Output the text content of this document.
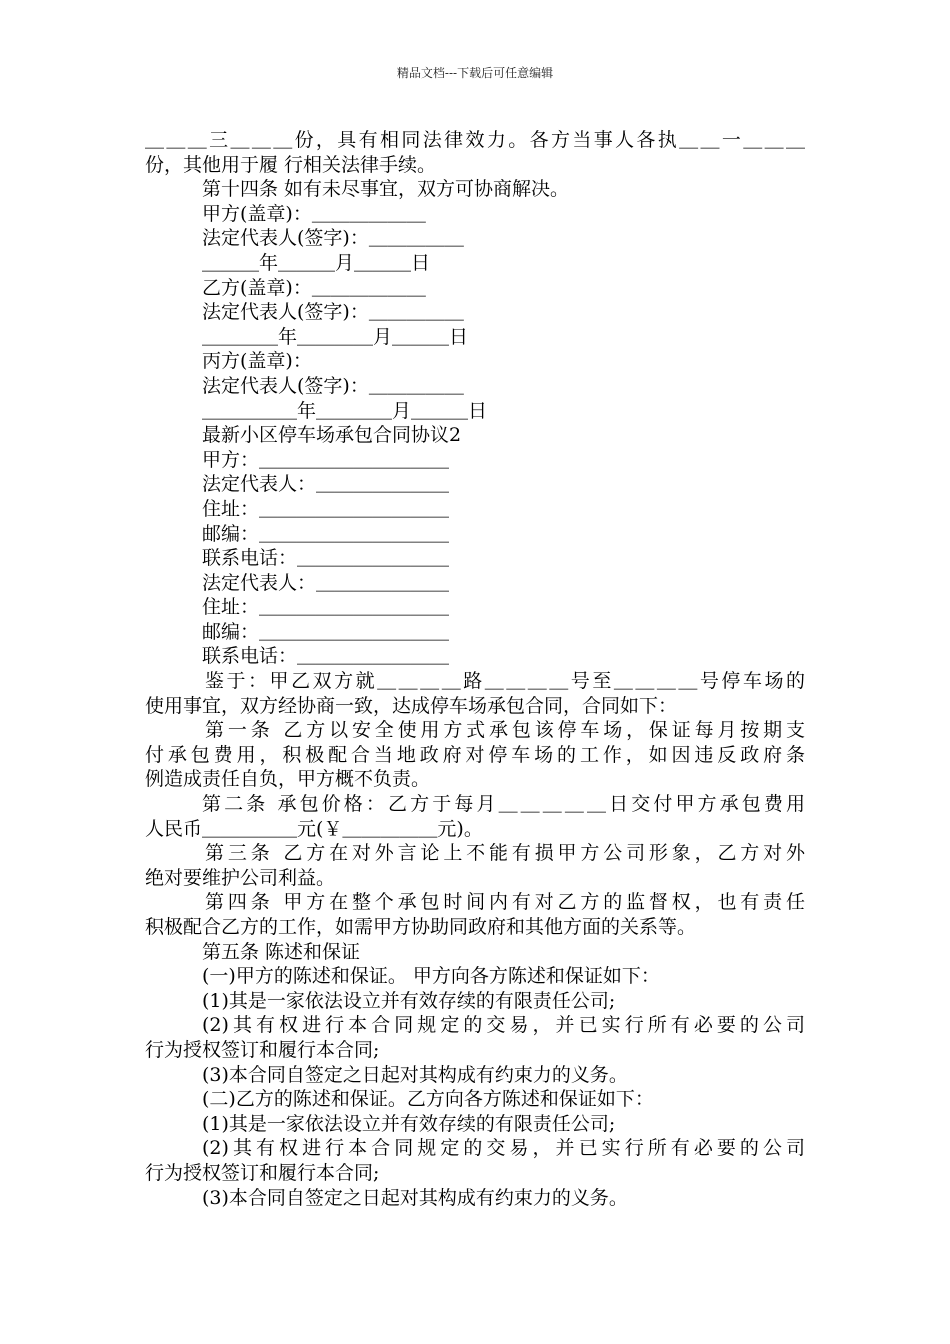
精品文档---下载后可任意编辑
＿＿＿三＿＿＿份，具有相同法律效力。各方当事人各执＿＿一＿＿＿
份，其他用于履 行相关法律手续。
第十四条 如有未尽事宜，双方可协商解决。
甲方(盖章)：＿＿＿＿＿＿
法定代表人(签字)：＿＿＿＿＿
＿＿＿年＿＿＿月＿＿＿日
乙方(盖章)：＿＿＿＿＿＿
法定代表人(签字)：＿＿＿＿＿
＿＿＿＿年＿＿＿＿月＿＿＿日
丙方(盖章)：
法定代表人(签字)：＿＿＿＿＿
＿＿＿＿＿年＿＿＿＿月＿＿＿日
最新小区停车场承包合同协议2
甲方：＿＿＿＿＿＿＿＿＿＿
法定代表人：＿＿＿＿＿＿＿
住址：＿＿＿＿＿＿＿＿＿＿
邮编：＿＿＿＿＿＿＿＿＿＿
联系电话：＿＿＿＿＿＿＿＿
法定代表人：＿＿＿＿＿＿＿
住址：＿＿＿＿＿＿＿＿＿＿
邮编：＿＿＿＿＿＿＿＿＿＿
联系电话：＿＿＿＿＿＿＿＿
鉴于：甲乙双方就＿＿＿＿路＿＿＿＿号至＿＿＿＿号停车场的
使用事宜，双方经协商一致，达成停车场承包合同，合同如下：
第一条 乙方以安全使用方式承包该停车场，保证每月按期支
付承包费用，积极配合当地政府对停车场的工作，如因违反政府条
例造成责任自负，甲方概不负责。
第二条 承包价格：乙方于每月＿＿＿＿＿日交付甲方承包费用
人民币＿＿＿＿＿元(￥＿＿＿＿＿元)。
第三条 乙方在对外言论上不能有损甲方公司形象，乙方对外
绝对要维护公司利益。
第四条 甲方在整个承包时间内有对乙方的监督权，也有责任
积极配合乙方的工作，如需甲方协助同政府和其他方面的关系等。
第五条 陈述和保证
(一)甲方的陈述和保证。 甲方向各方陈述和保证如下：
(1)其是一家依法设立并有效存续的有限责任公司;
(2)其有权进行本合同规定的交易，并已实行所有必要的公司
行为授权签订和履行本合同;
(3)本合同自签定之日起对其构成有约束力的义务。
(二)乙方的陈述和保证。乙方向各方陈述和保证如下：
(1)其是一家依法设立并有效存续的有限责任公司;
(2)其有权进行本合同规定的交易，并已实行所有必要的公司
行为授权签订和履行本合同;
(3)本合同自签定之日起对其构成有约束力的义务。
